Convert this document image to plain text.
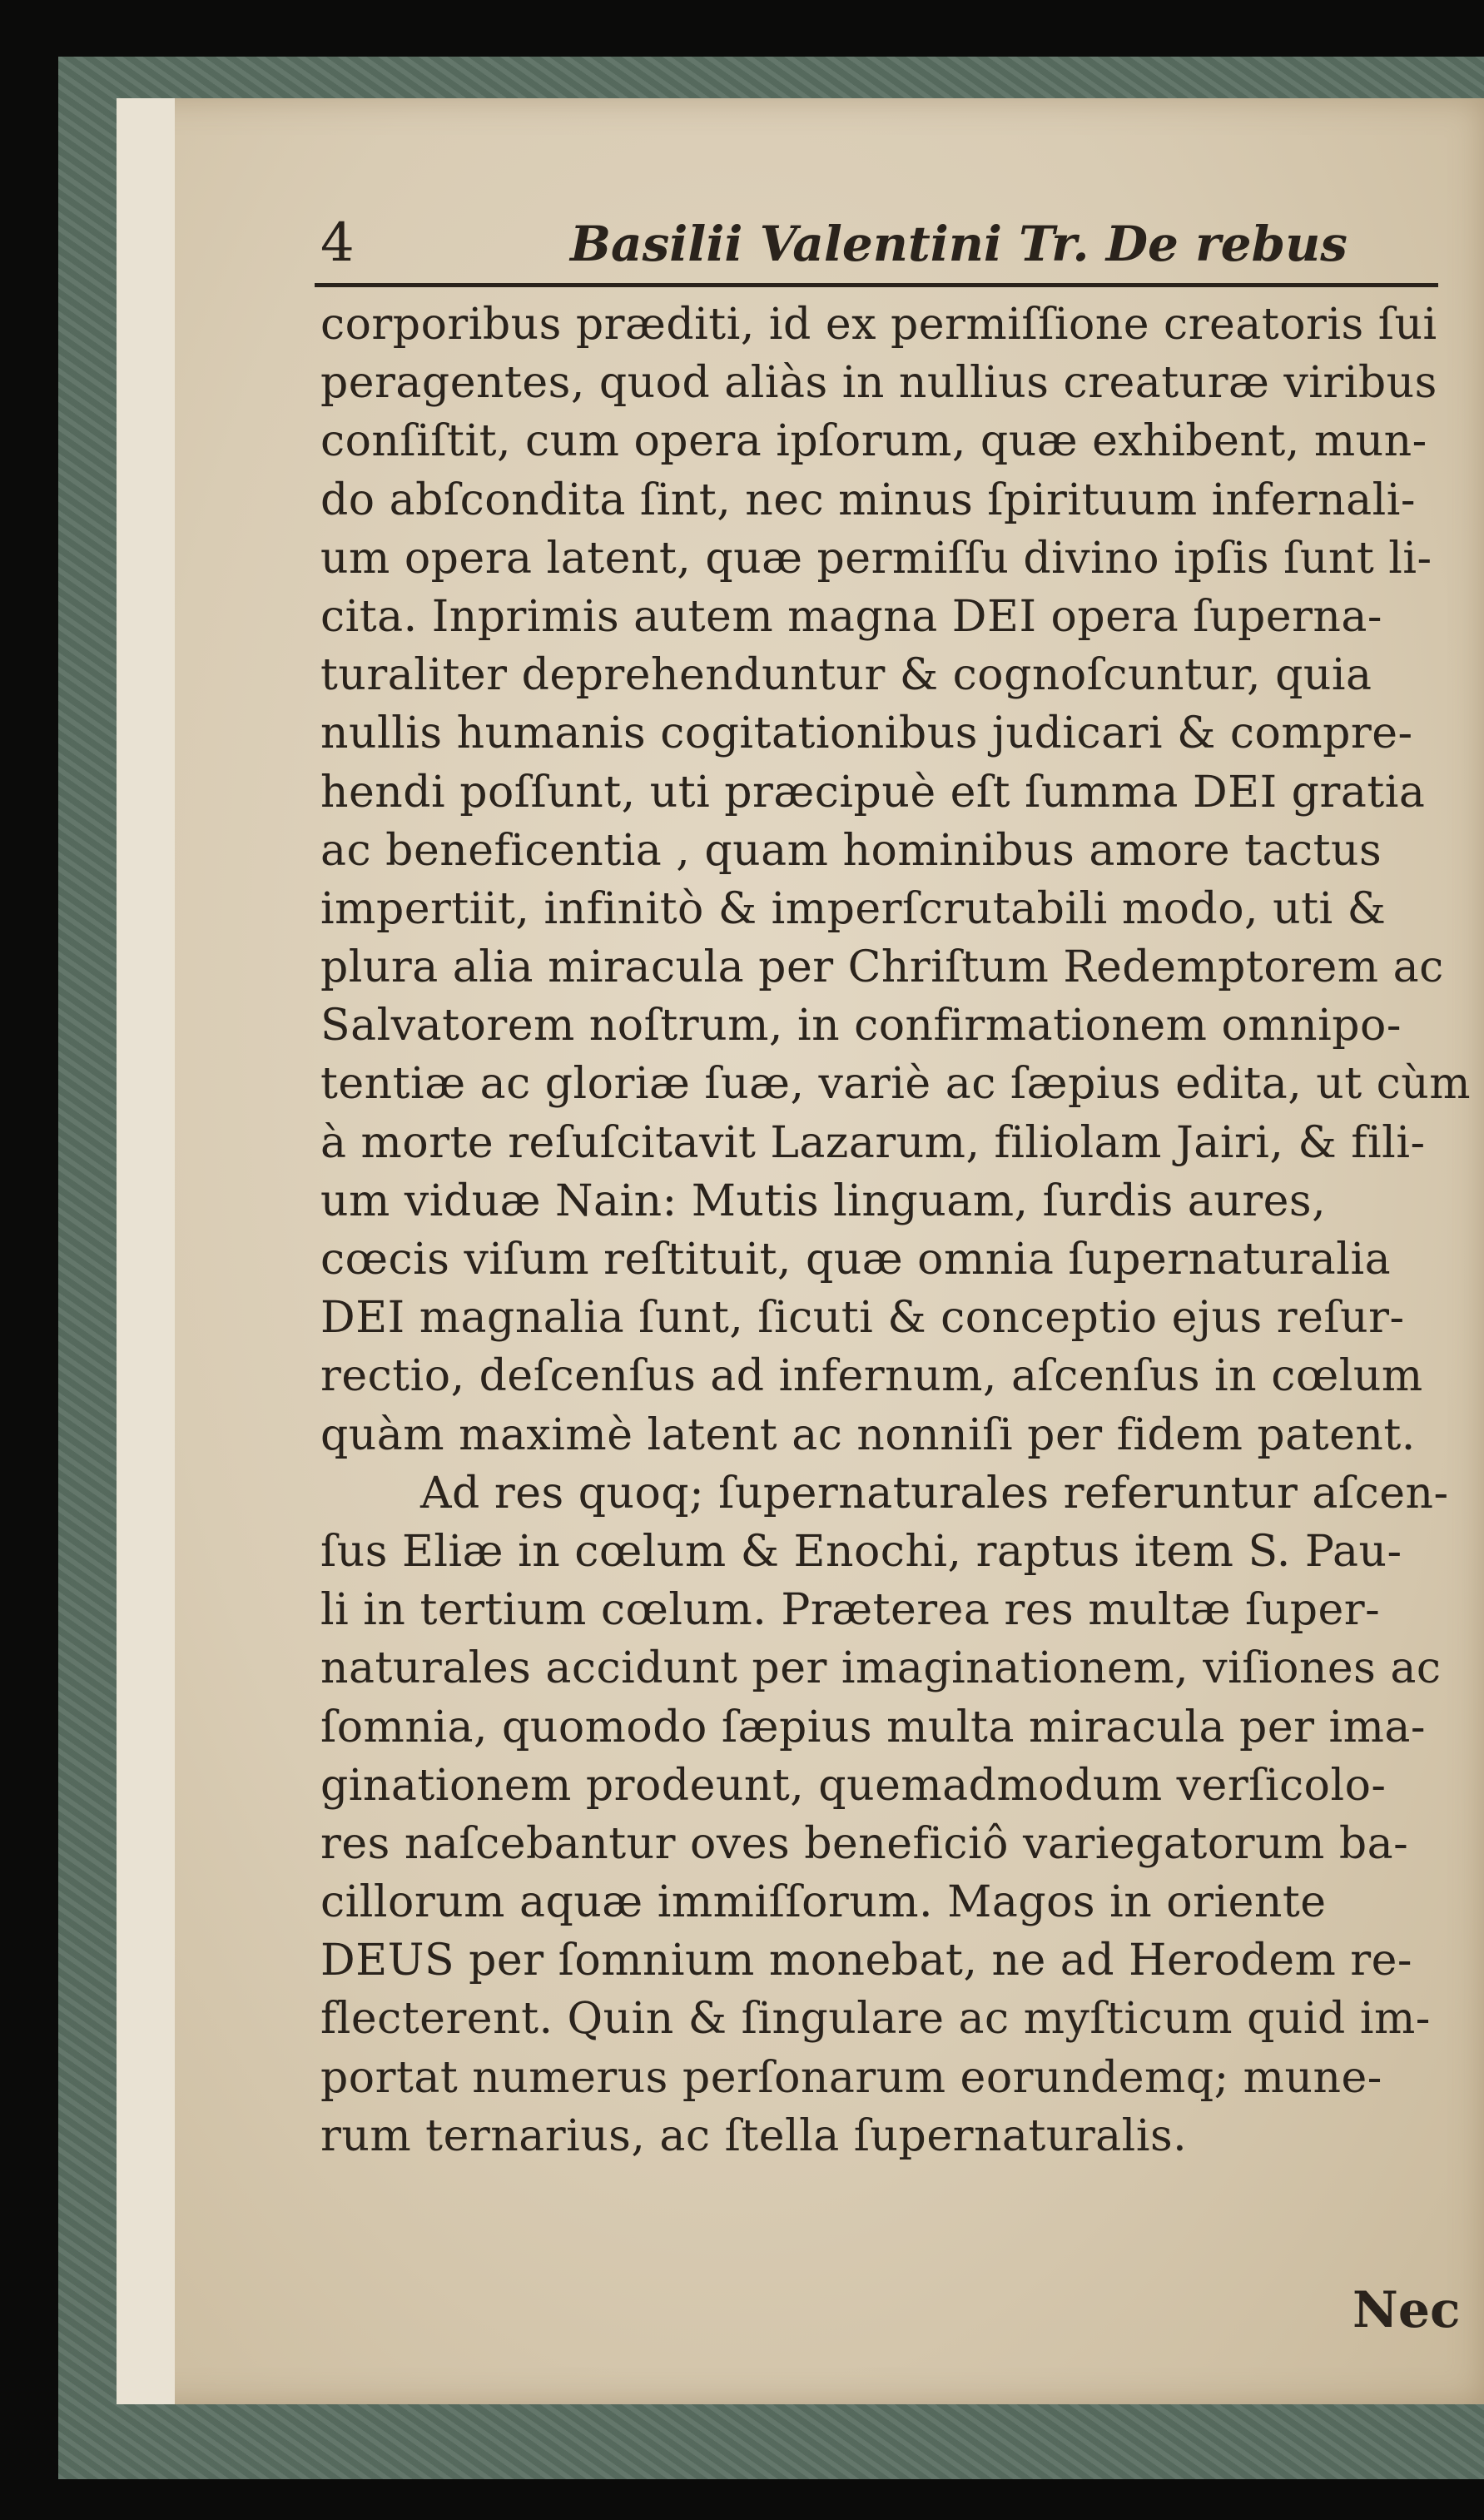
4	Basilii Valentini Tr. De rebus
corporibus præditi, id ex permiſſione creatoris ſui
peragentes, quod aliàs in nullius creaturæ viribus
conſiſtit, cum opera ipſorum, quæ exhibent, mun-
do abſcondita ſint, nec minus ſpirituum infernali-
um opera latent, quæ permiſſu divino ipſis ſunt li-
cita. Inprimis autem magna DEI opera ſuperna-
turaliter deprehenduntur & cognoſcuntur, quia
nullis humanis cogitationibus judicari & compre-
hendi poſſunt, uti præcipuè eſt ſumma DEI gratia
ac beneficentia , quam hominibus amore tactus
impertiit, infinitò & imperſcrutabili modo, uti &
plura alia miracula per Chriſtum Redemptorem ac
Salvatorem noſtrum, in confirmationem omnipo-
tentiæ ac gloriæ ſuæ, variè ac ſæpius edita, ut cùm
à morte reſuſcitavit Lazarum, filiolam Jairi, & fili-
um viduæ Nain: Mutis linguam, ſurdis aures,
cœcis viſum reſtituit, quæ omnia ſupernaturalia
DEI magnalia ſunt, ſicuti & conceptio ejus reſur-
rectio, deſcenſus ad infernum, aſcenſus in cœlum
quàm maximè latent ac nonniſi per fidem patent.
Ad res quoq; ſupernaturales referuntur aſcen-
ſus Eliæ in cœlum & Enochi, raptus item S. Pau-
li in tertium cœlum. Præterea res multæ ſuper-
naturales accidunt per imaginationem, viſiones ac
ſomnia, quomodo ſæpius multa miracula per ima-
ginationem prodeunt, quemadmodum verſicolo-
res naſcebantur oves beneficiô variegatorum ba-
cillorum aquæ immiſſorum. Magos in oriente
DEUS per ſomnium monebat, ne ad Herodem re-
flecterent. Quin & ſingulare ac myſticum quid im-
portat numerus perſonarum eorundemq; mune-
rum ternarius, ac ſtella ſupernaturalis.
Nec
